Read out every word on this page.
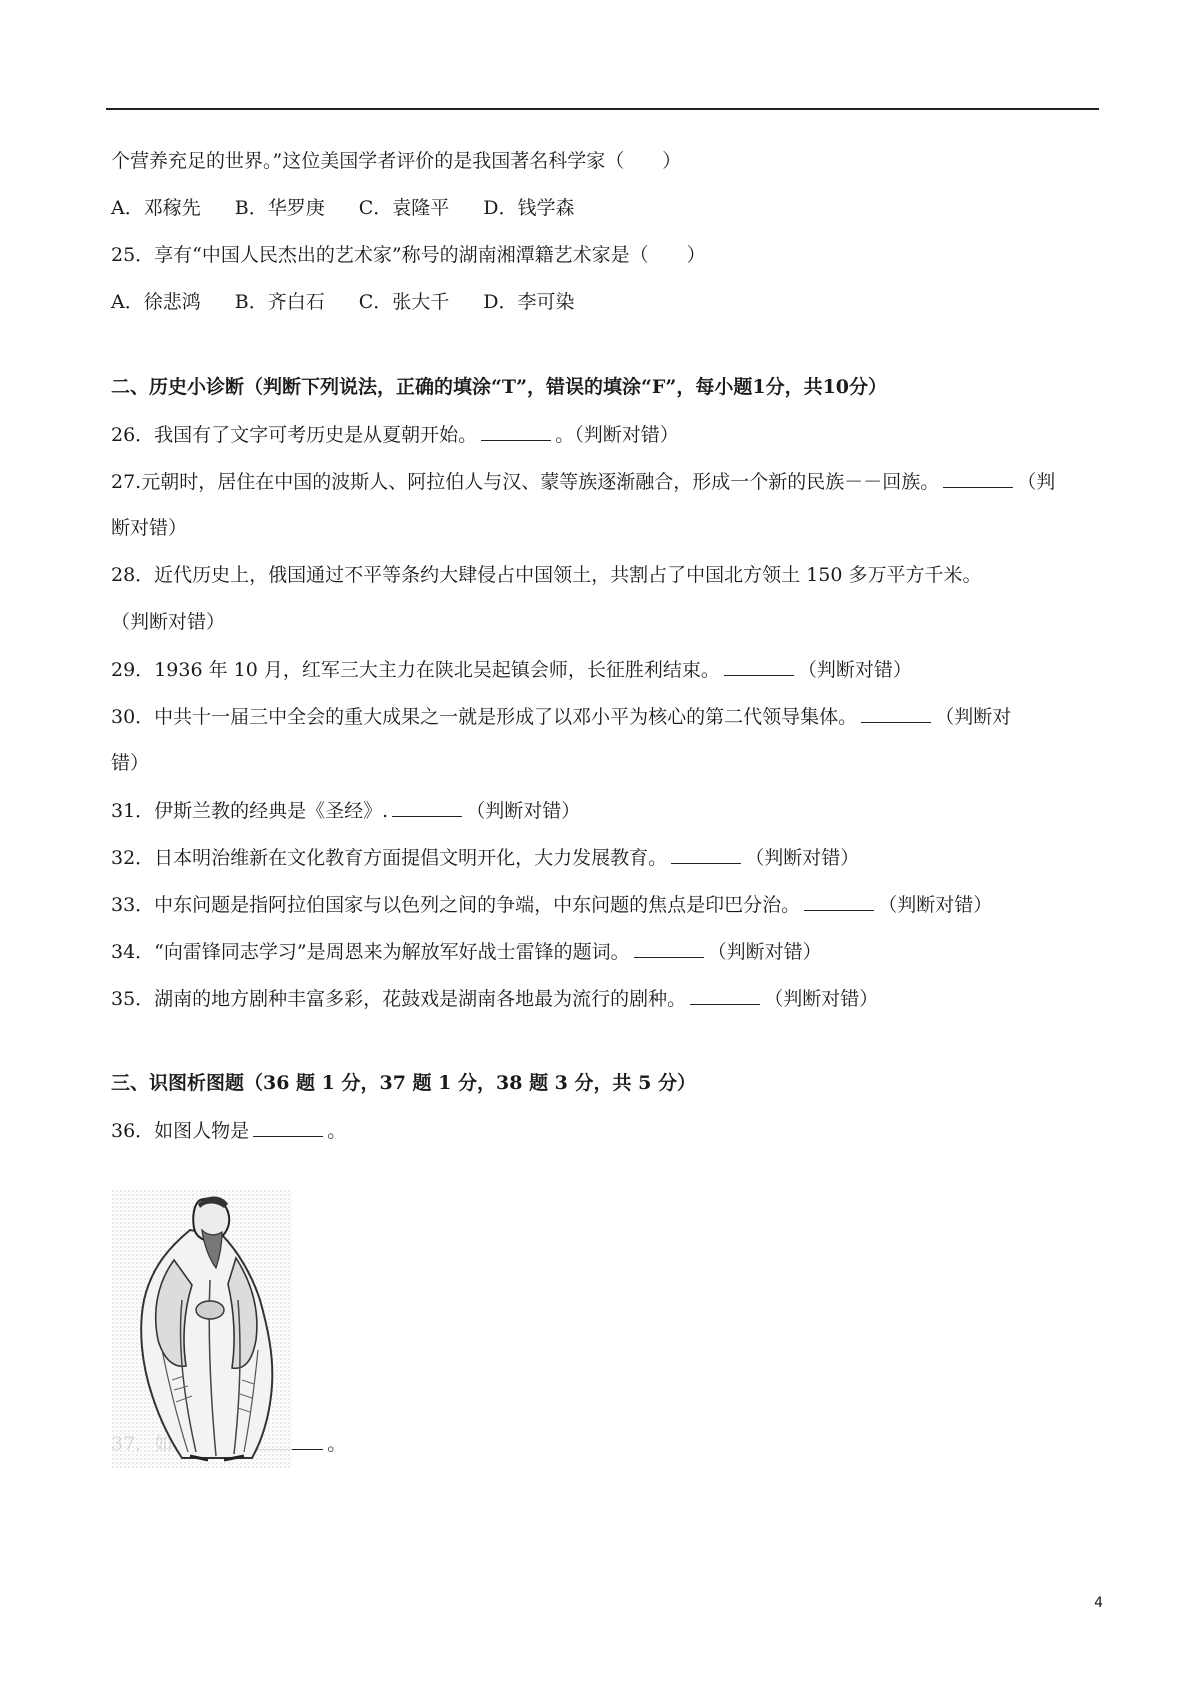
个营养充足的世界。”这位美国学者评价的是我国著名科学家（　　）
A．邓稼先 B．华罗庚 C．袁隆平 D．钱学森
25．享有“中国人民杰出的艺术家”称号的湖南湘潭籍艺术家是（　　）
A．徐悲鸿 B．齐白石 C．张大千 D．李可染
二、历史小诊断（判断下列说法，正确的填涂“T”，错误的填涂“F”，每小题1分，共10分）
26．我国有了文字可考历史是从夏朝开始。	。（判断对错）
27.元朝时，居住在中国的波斯人、阿拉伯人与汉、蒙等族逐渐融合，形成一个新的民族－－回族。	（判
断对错）
28．近代历史上，俄国通过不平等条约大肆侵占中国领土，共割占了中国北方领土 150 多万平方千米。
（判断对错）
29．1936 年 10 月，红军三大主力在陕北吴起镇会师，长征胜利结束。	（判断对错）
30．中共十一届三中全会的重大成果之一就是形成了以邓小平为核心的第二代领导集体。	（判断对
错）
31．伊斯兰教的经典是《圣经》.	（判断对错）
32．日本明治维新在文化教育方面提倡文明开化，大力发展教育。	（判断对错）
33．中东问题是指阿拉伯国家与以色列之间的争端，中东问题的焦点是印巴分治。	（判断对错）
34．“向雷锋同志学习”是周恩来为解放军好战士雷锋的题词。	（判断对错）
35．湖南的地方剧种丰富多彩，花鼓戏是湖南各地最为流行的剧种。	（判断对错）
三、识图析图题（36 题 1 分，37 题 1 分，38 题 3 分，共 5 分）
36．如图人物是	。
。
4
